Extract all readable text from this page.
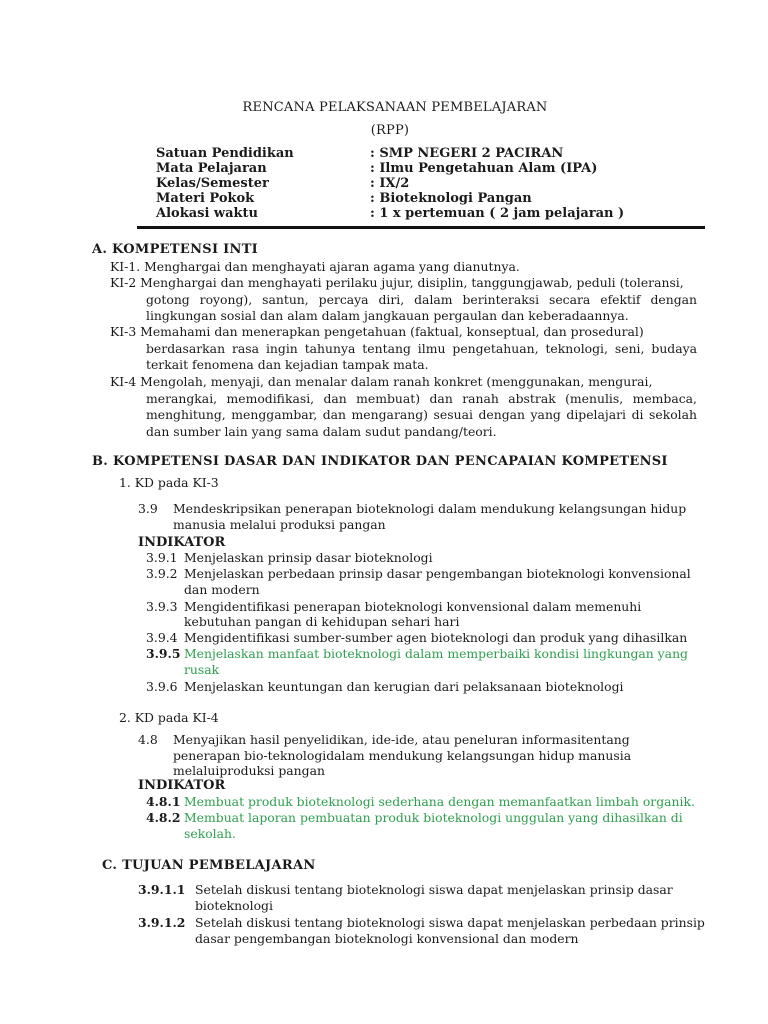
RENCANA PELAKSANAAN PEMBELAJARAN
(RPP)
Satuan Pendidikan	: SMP NEGERI 2 PACIRAN
Mata Pelajaran	: Ilmu Pengetahuan Alam (IPA)
Kelas/Semester	: IX/2
Materi Pokok	: Bioteknologi Pangan
Alokasi waktu	: 1 x pertemuan ( 2 jam pelajaran )
A. KOMPETENSI INTI
KI-1. Menghargai dan menghayati ajaran agama yang dianutnya.
KI-2 Menghargai dan menghayati perilaku jujur, disiplin, tanggungjawab, peduli (toleransi,
gotong royong), santun, percaya diri, dalam berinteraksi secara efektif dengan lingkungan sosial dan alam dalam jangkauan pergaulan dan keberadaannya.
KI-3 Memahami dan menerapkan pengetahuan (faktual, konseptual, dan prosedural)
berdasarkan rasa ingin tahunya tentang ilmu pengetahuan, teknologi, seni, budaya terkait fenomena dan kejadian tampak mata.
KI-4 Mengolah, menyaji, dan menalar dalam ranah konkret (menggunakan, mengurai,
merangkai, memodifikasi, dan membuat) dan ranah abstrak (menulis, membaca, menghitung, menggambar, dan mengarang) sesuai dengan yang dipelajari di sekolah dan sumber lain yang sama dalam sudut pandang/teori.
B. KOMPETENSI DASAR DAN INDIKATOR DAN PENCAPAIAN KOMPETENSI
1. KD pada KI-3
3.9 Mendeskripsikan penerapan bioteknologi dalam mendukung kelangsungan hidup
manusia melalui produksi pangan
INDIKATOR
3.9.1 Menjelaskan prinsip dasar bioteknologi
3.9.2 Menjelaskan perbedaan prinsip dasar pengembangan bioteknologi konvensional
dan modern
3.9.3 Mengidentifikasi penerapan bioteknologi konvensional dalam memenuhi
kebutuhan pangan di kehidupan sehari hari
3.9.4 Mengidentifikasi sumber-sumber agen bioteknologi dan produk yang dihasilkan
3.9.5 Menjelaskan manfaat bioteknologi dalam memperbaiki kondisi lingkungan yang
rusak
3.9.6 Menjelaskan keuntungan dan kerugian dari pelaksanaan bioteknologi
2. KD pada KI-4
4.8 Menyajikan hasil penyelidikan, ide-ide, atau peneluran informasitentang
penerapan bio-teknologidalam mendukung kelangsungan hidup manusia
melaluiproduksi pangan
INDIKATOR
4.8.1 Membuat produk bioteknologi sederhana dengan memanfaatkan limbah organik.
4.8.2 Membuat laporan pembuatan produk bioteknologi unggulan yang dihasilkan di
sekolah.
C. TUJUAN PEMBELAJARAN
3.9.1.1 Setelah diskusi tentang bioteknologi siswa dapat menjelaskan prinsip dasar
bioteknologi
3.9.1.2 Setelah diskusi tentang bioteknologi siswa dapat menjelaskan perbedaan prinsip
dasar pengembangan bioteknologi konvensional dan modern
